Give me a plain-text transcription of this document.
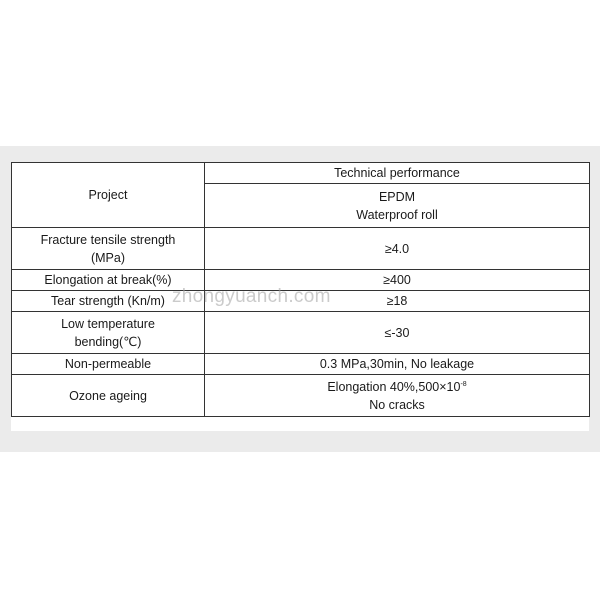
Project	Technical performance

	EPDM
Waterproof roll

Fracture tensile strength
(MPa)	≥4.0
Elongation at break(%)	≥400
Tear strength (Kn/m)	≥18

Low temperature
bending(℃)	≤-30
Non-permeable	0.3 MPa,30min, No leakage
Ozone ageing	Elongation $40\%,500\times 10^{-8}$
No cracks
zhongyuanch.com
